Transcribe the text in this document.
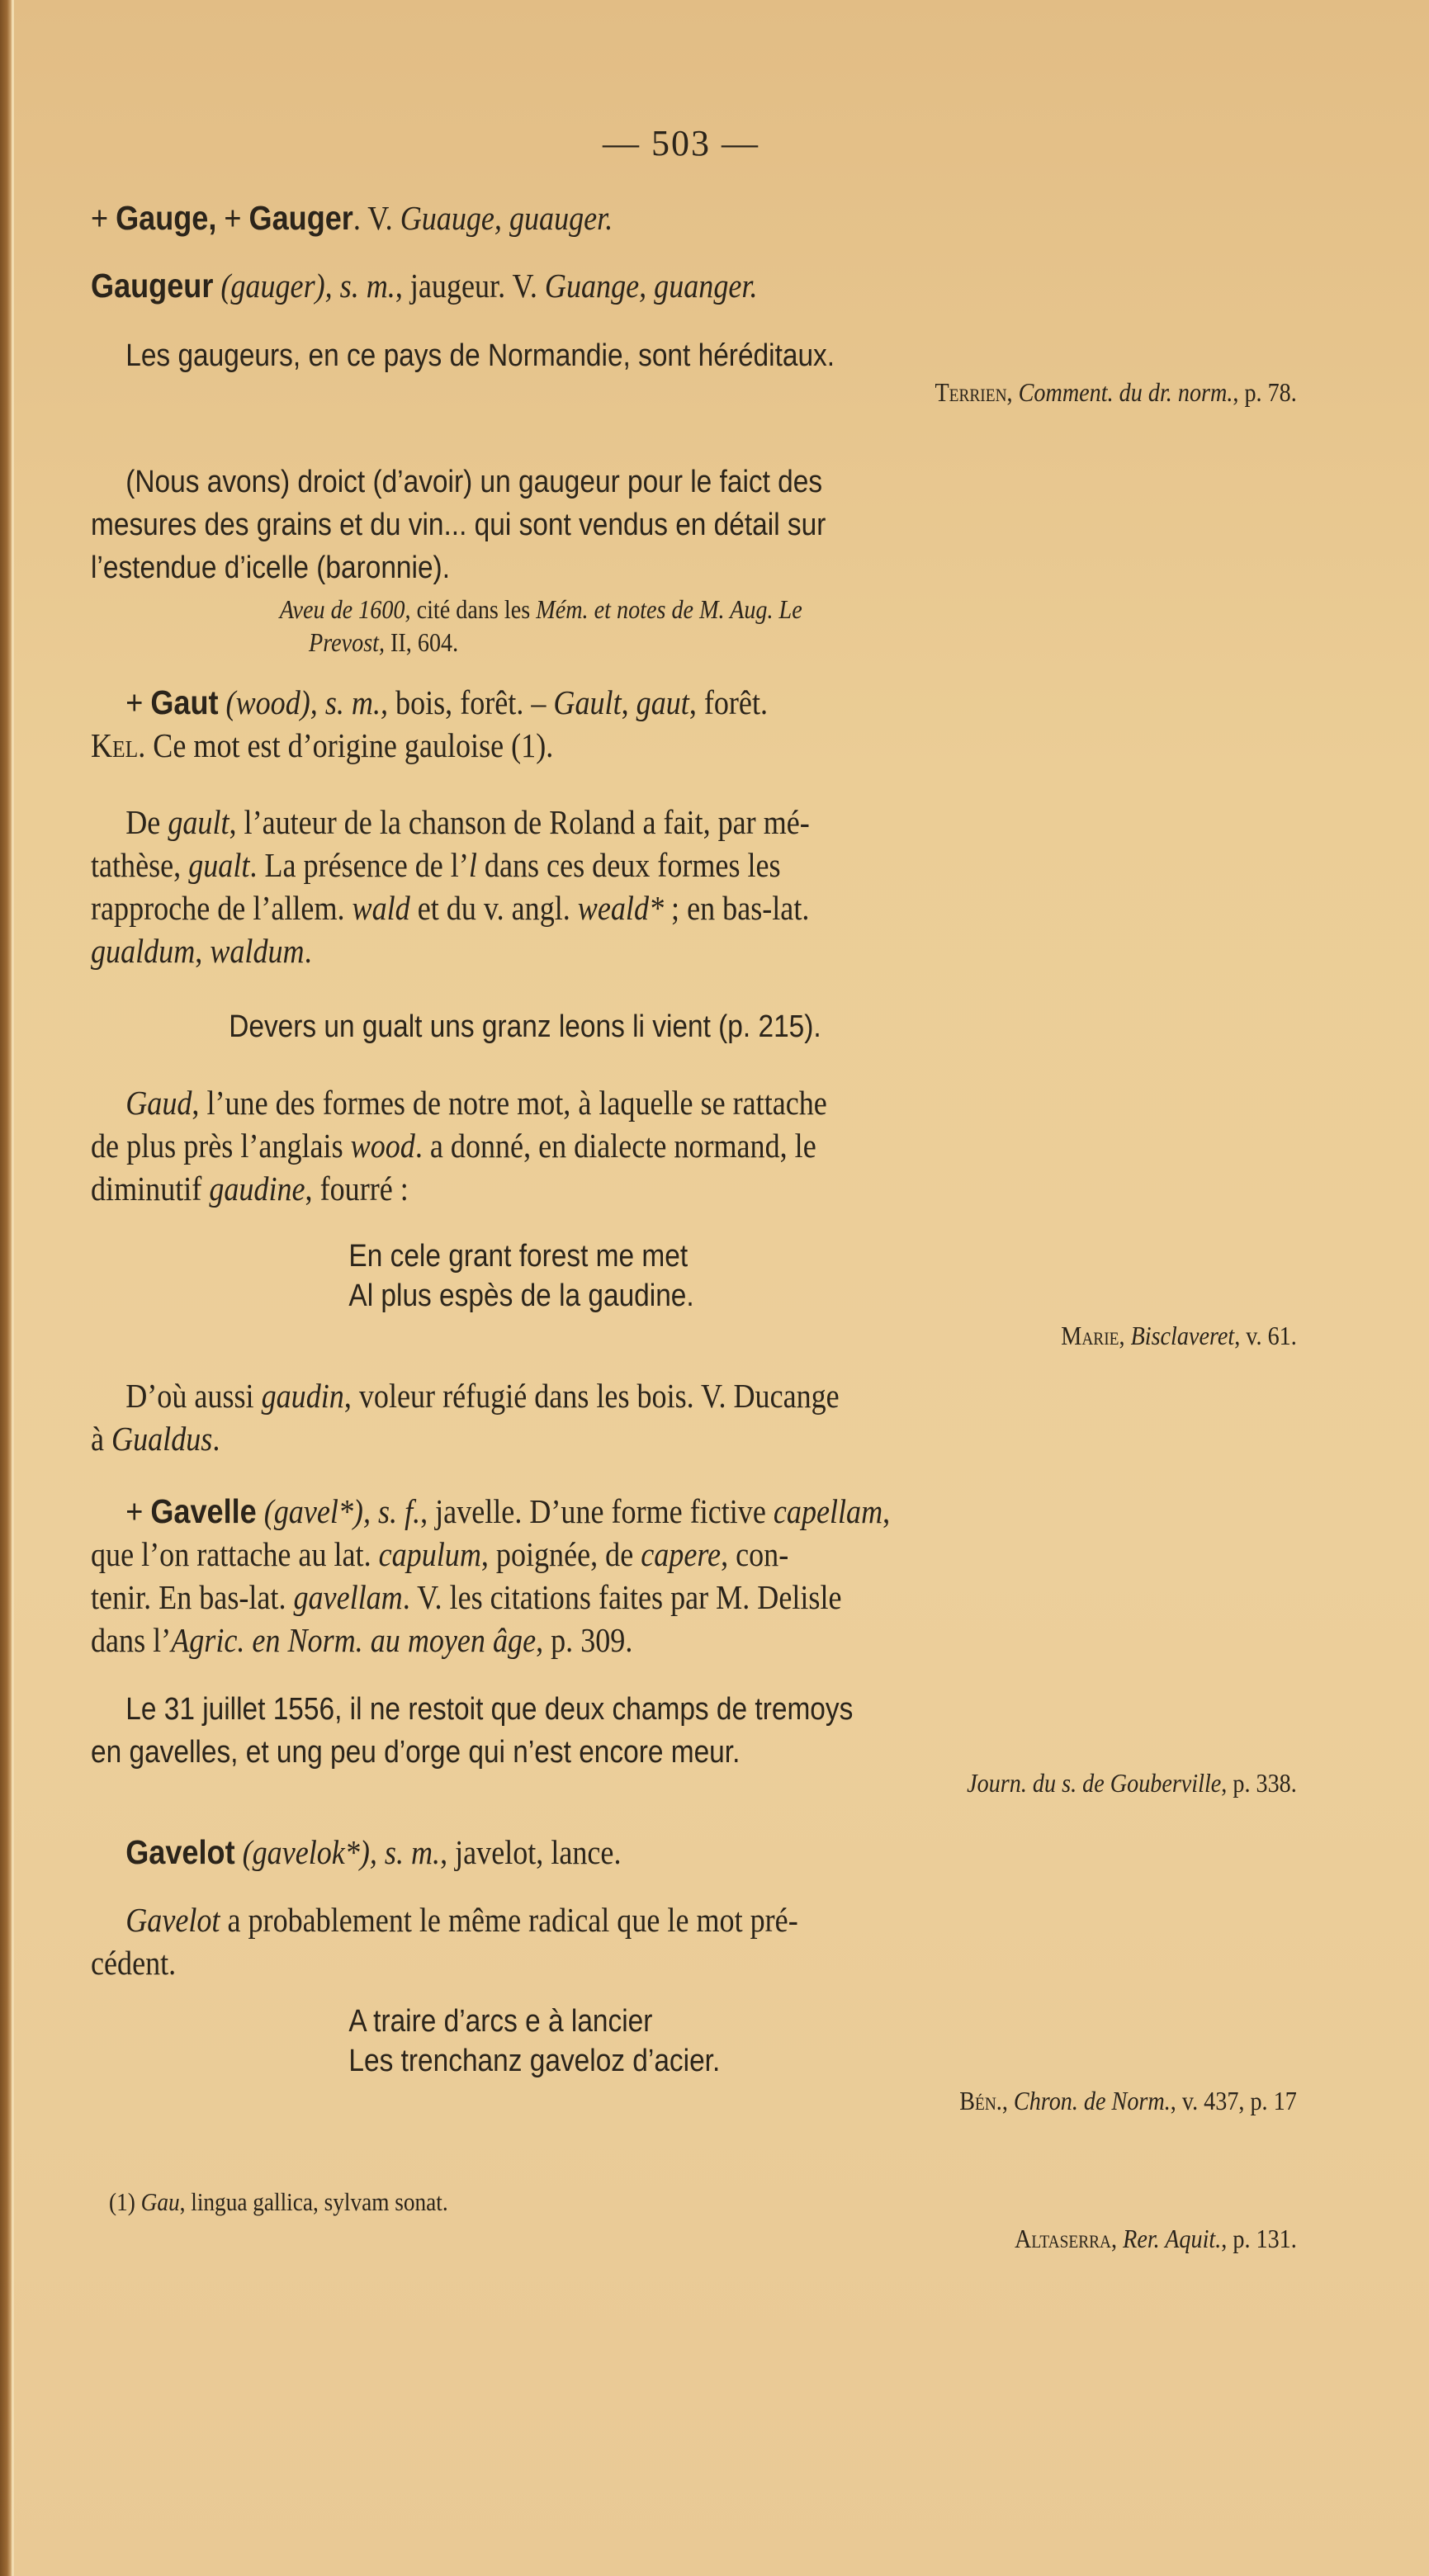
— 503 —

+ Gauge, + Gauger. V. Guauge, guauger.

Gaugeur (gauger), s. m., jaugeur. V. Guange, guanger.

Les gaugeurs, en ce pays de Normandie, sont héréditaux.

Terrien, Comment. du dr. norm., p. 78.

(Nous avons) droict (d’avoir) un gaugeur pour le faict des
mesures des grains et du vin... qui sont vendus en détail sur
l’estendue d’icelle (baronnie).
Aveu de 1600, cité dans les Mém. et notes de M. Aug. Le
Prevost, II, 604.
+ Gaut (wood), s. m., bois, forêt. – Gault, gaut, forêt.
Kel. Ce mot est d’origine gauloise (1).
De gault, l’auteur de la chanson de Roland a fait, par mé-
tathèse, gualt. La présence de l’l dans ces deux formes les
rapproche de l’allem. wald et du v. angl. weald* ; en bas-lat.
gualdum, waldum.

Devers un gualt uns granz leons li vient (p. 215).

Gaud, l’une des formes de notre mot, à laquelle se rattache
de plus près l’anglais wood. a donné, en dialecte normand, le
diminutif gaudine, fourré :
En cele grant forest me met
Al plus espès de la gaudine.

Marie, Bisclaveret, v. 61.

D’où aussi gaudin, voleur réfugié dans les bois. V. Ducange
à Gualdus.
+ Gavelle (gavel*), s. f., javelle. D’une forme fictive capellam,
que l’on rattache au lat. capulum, poignée, de capere, con-
tenir. En bas-lat. gavellam. V. les citations faites par M. Delisle
dans l’Agric. en Norm. au moyen âge, p. 309.
Le 31 juillet 1556, il ne restoit que deux champs de tremoys
en gavelles, et ung peu d’orge qui n’est encore meur.

Journ. du s. de Gouberville, p. 338.

Gavelot (gavelok*), s. m., javelot, lance.

Gavelot a probablement le même radical que le mot pré-
cédent.
A traire d’arcs e à lancier
Les trenchanz gaveloz d’acier.

Bén., Chron. de Norm., v. 437, p. 17

(1) Gau, lingua gallica, sylvam sonat.

Altaserra, Rer. Aquit., p. 131.
